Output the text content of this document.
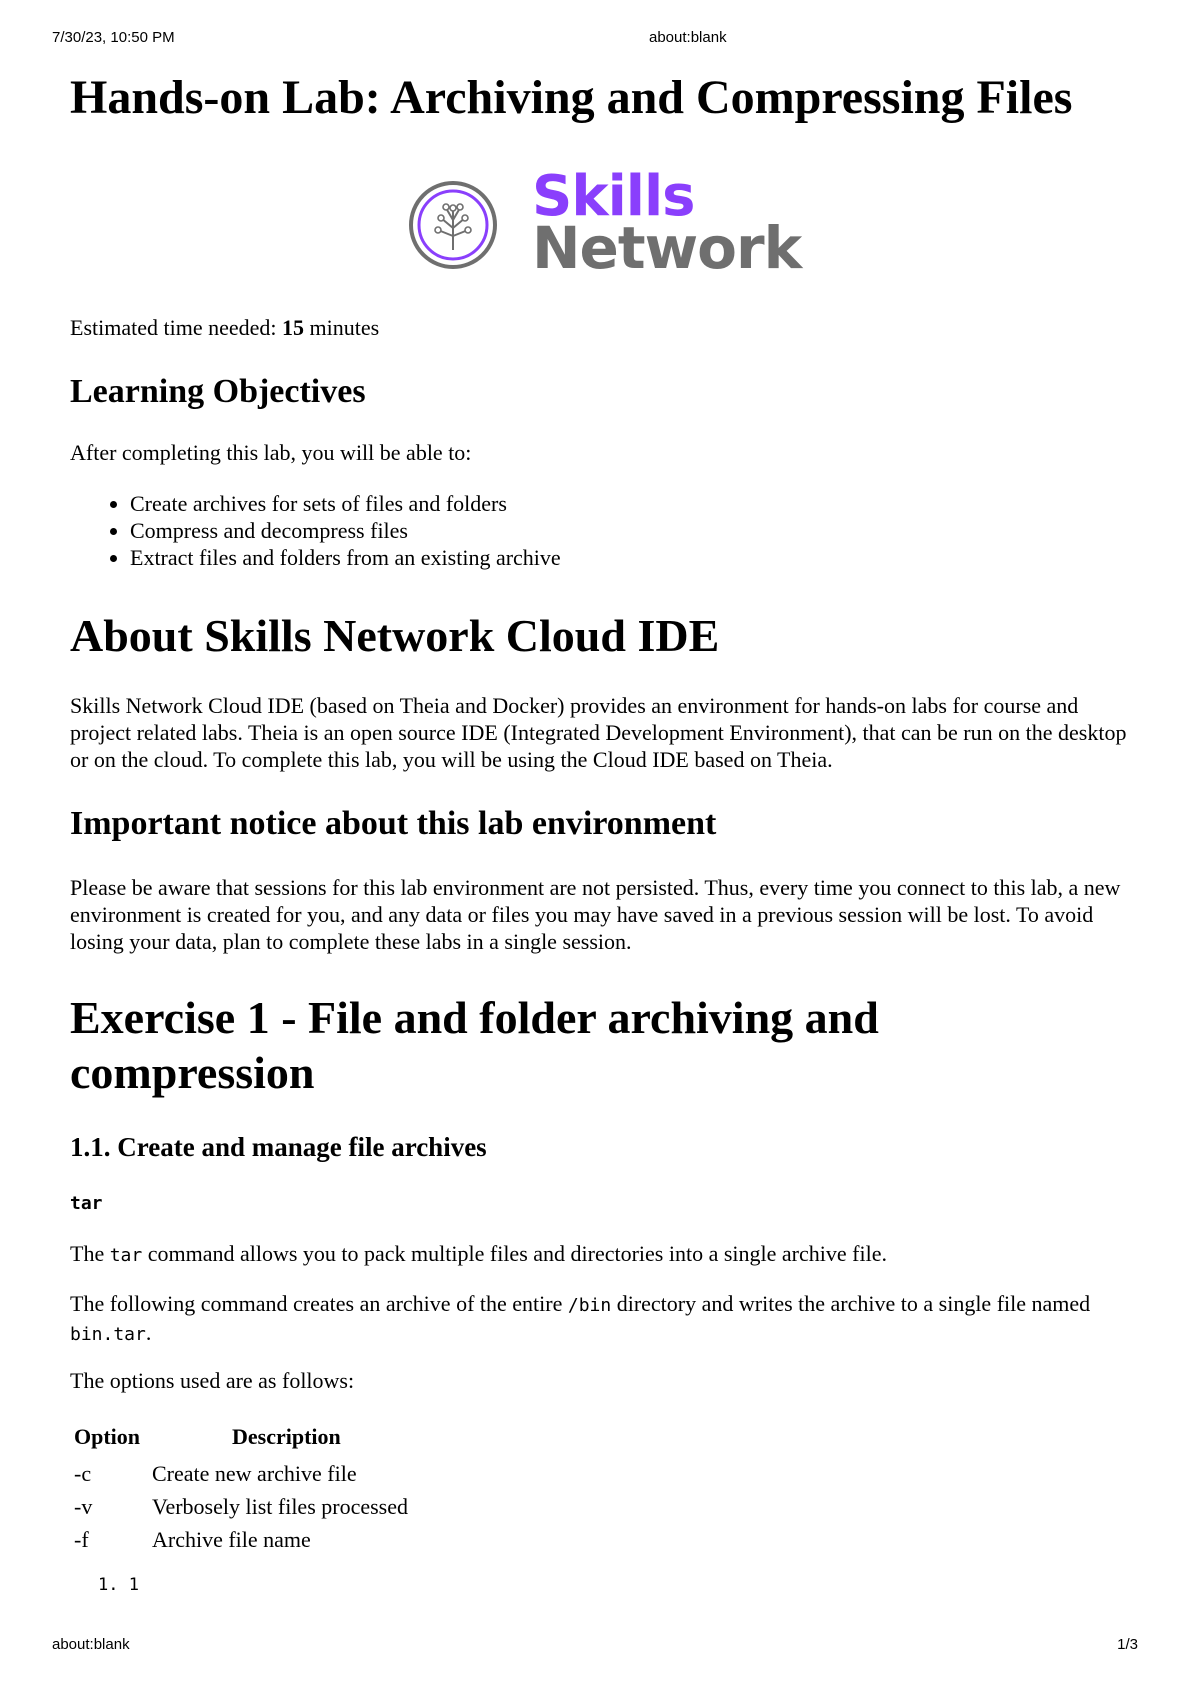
7/30/23, 10:50 PM	about:blank
Hands-on Lab: Archiving and Compressing Files
Skills
Network

Estimated time needed: 15 minutes

Learning Objectives

After completing this lab, you will be able to:

• Create archives for sets of files and folders
• Compress and decompress files
• Extract files and folders from an existing archive
About Skills Network Cloud IDE

Skills Network Cloud IDE (based on Theia and Docker) provides an environment for hands-on labs for course and project related labs. Theia is an open source IDE (Integrated Development Environment), that can be run on the desktop or on the cloud. To complete this lab, you will be using the Cloud IDE based on Theia.

Important notice about this lab environment

Please be aware that sessions for this lab environment are not persisted. Thus, every time you connect to this lab, a new environment is created for you, and any data or files you may have saved in a previous session will be lost. To avoid losing your data, plan to complete these labs in a single session.

Exercise 1 - File and folder archiving and
compression
1.1. Create and manage file archives
tar

The tar command allows you to pack multiple files and directories into a single archive file.

The following command creates an archive of the entire /bin directory and writes the archive to a single file named bin.tar.

The options used are as follows:

Option	Description
-c	Create new archive file
-v	Verbosely list files processed
-f	Archive file name
1. 1
about:blank	1/3
